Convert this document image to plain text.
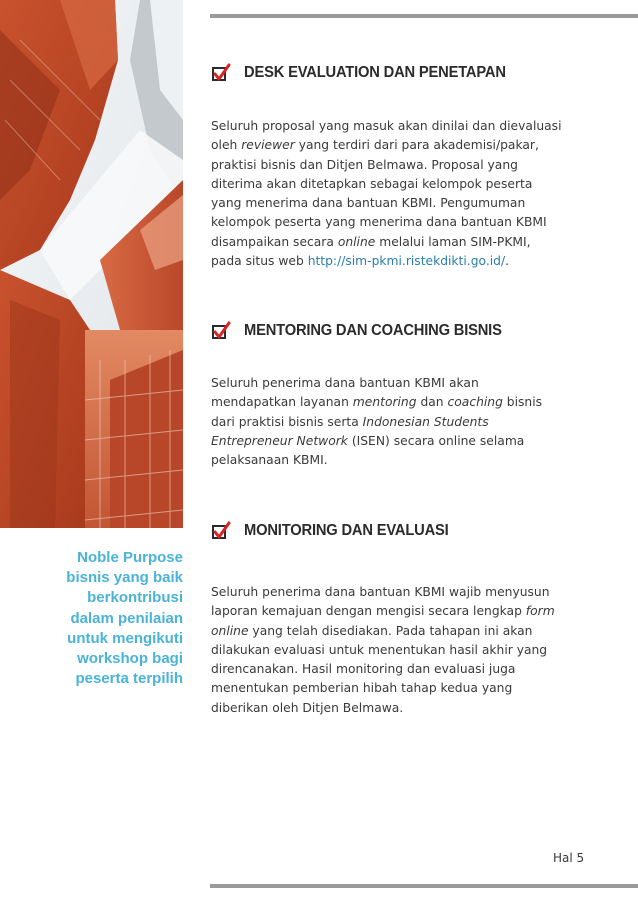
Noble Purpose
bisnis yang baik
berkontribusi
dalam penilaian
untuk mengikuti
workshop bagi
peserta terpilih
DESK EVALUATION DAN PENETAPAN
Seluruh proposal yang masuk akan dinilai dan dievaluasi
oleh reviewer yang terdiri dari para akademisi/pakar,
praktisi bisnis dan Ditjen Belmawa. Proposal yang
diterima akan ditetapkan sebagai kelompok peserta
yang menerima dana bantuan KBMI. Pengumuman
kelompok peserta yang menerima dana bantuan KBMI
disampaikan secara online melalui laman SIM-PKMI,
pada situs web http://sim-pkmi.ristekdikti.go.id/.
MENTORING DAN COACHING BISNIS
Seluruh penerima dana bantuan KBMI akan
mendapatkan layanan mentoring dan coaching bisnis
dari praktisi bisnis serta Indonesian Students
Entrepreneur Network (ISEN) secara online selama
pelaksanaan KBMI.
MONITORING DAN EVALUASI
Seluruh penerima dana bantuan KBMI wajib menyusun
laporan kemajuan dengan mengisi secara lengkap form
online yang telah disediakan. Pada tahapan ini akan
dilakukan evaluasi untuk menentukan hasil akhir yang
direncanakan. Hasil monitoring dan evaluasi juga
menentukan pemberian hibah tahap kedua yang
diberikan oleh Ditjen Belmawa.
Hal 5
